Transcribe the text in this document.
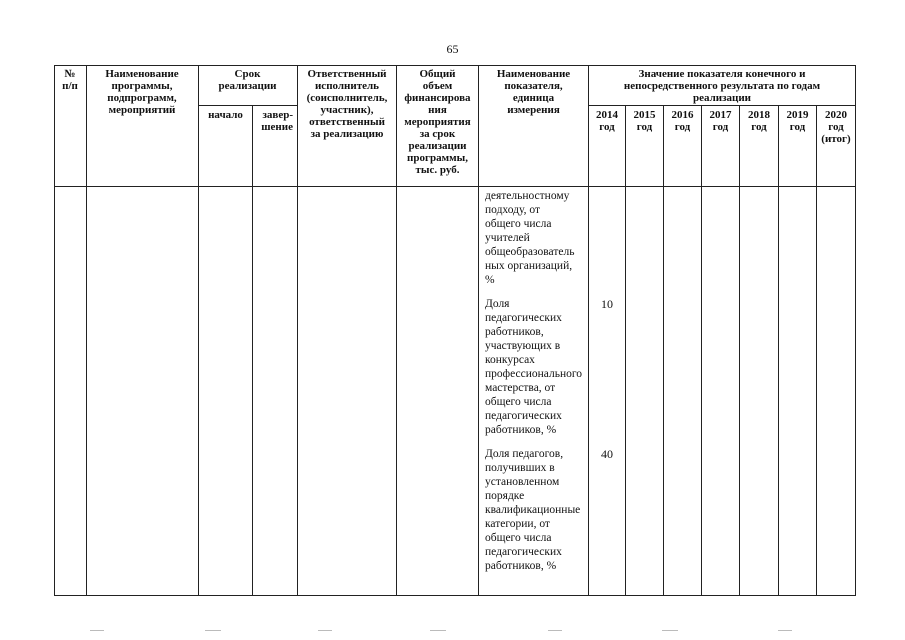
65
№
п/п
Наименование
программы,
подпрограмм,
мероприятий
Срок
реализации
начало	завер-
шение
Ответственный
исполнитель
(соисполнитель,
участник),
ответственный
за реализацию
Общий
объем
финансирова
ния
мероприятия
за срок
реализации
программы,
тыс. руб.
Наименование
показателя,
единица
измерения
Значение показателя конечного и
непосредственного результата по годам
реализации
2014
год
2015
год
2016
год
2017
год
2018
год
2019
год
2020
год
(итог)
деятельностному
подходу, от
общего числа
учителей
общеобразователь
ных организаций,
%
Доля
педагогических
работников,
участвующих в
конкурсах
профессионального
мастерства, от
общего числа
педагогических
работников, %
Доля педагогов,
получивших в
установленном
порядке
квалификационные
категории, от
общего числа
педагогических
работников, %
10
40
